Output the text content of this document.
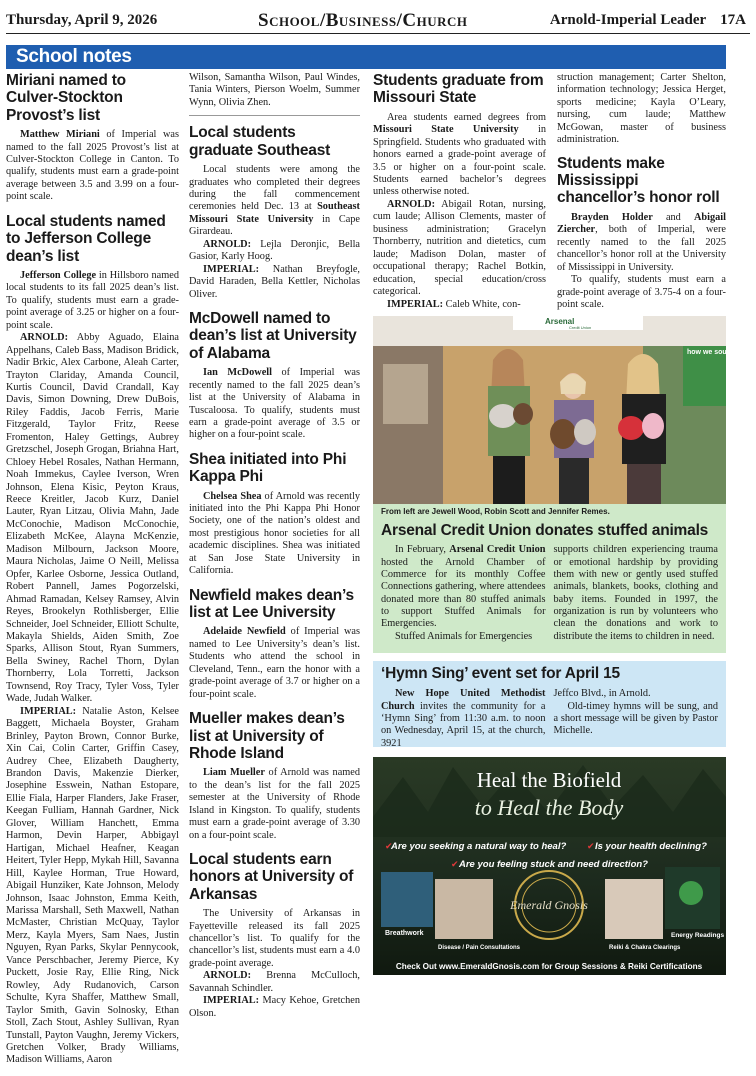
Thursday, April 9, 2026	School/Business/Church	Arnold-Imperial Leader 17A
School notes
Miriani named to Culver-Stockton Provost’s list

Matthew Miriani of Imperial was named to the fall 2025 Provost’s list at Culver-Stockton College in Canton. To qualify, students must earn a grade-point average between 3.5 and 3.99 on a four-point scale.

Local students named to Jefferson College dean’s list

Jefferson College in Hillsboro named local students to its fall 2025 dean’s list. To qualify, students must earn a grade-point average of 3.25 or higher on a four-point scale.

ARNOLD: Abby Aguado, Elaina Appelhans, Caleb Bass, Madison Bridick, Nadir Brkic, Alex Carbone, Aleah Carter, Trayton Clariday, Amanda Council, Kurtis Council, David Crandall, Kay Davis, Simon Downing, Drew DuBois, Riley Faddis, Jacob Ferris, Marie Fitzgerald, Taylor Fritz, Reese Fromenton, Haley Gettings, Aubrey Gretzschel, Joseph Grogan, Briahna Hart, Chloey Hebel Rosales, Nathan Hermann, Noah Immekus, Caylee Iverson, Wren Johnson, Elena Kisic, Peyton Kraus, Reece Kreitler, Jacob Kurz, Daniel Lauter, Ryan Litzau, Olivia Mahn, Jade McConochie, Madison McConochie, Elizabeth McKee, Alayna McKenzie, Madison Milbourn, Jackson Moore, Maura Nicholas, Jaime O Neill, Melissa Opfer, Karlee Osborne, Jessica Outland, Robert Pannell, James Pogorzelski, Ahmad Ramadan, Kelsey Ramsey, Alvin Reyes, Brookelyn Rothlisberger, Ellie Schneider, Joel Schneider, Elliott Schulte, Makayla Shields, Aiden Smith, Zoe Sparks, Allison Stout, Ryan Summers, Bella Swiney, Rachel Thorn, Dylan Thornberry, Lola Torretti, Jackson Townsend, Roy Tracy, Tyler Voss, Tyler Wade, Judah Walker.

IMPERIAL: Natalie Aston, Kelsee Baggett, Michaela Boyster, Graham Brinley, Payton Brown, Connor Burke, Xin Cai, Colin Carter, Griffin Casey, Audrey Chee, Elizabeth Daugherty, Brandon Davis, Makenzie Dierker, Josephine Esswein, Nathan Estopare, Ellie Fiala, Harper Flanders, Jake Fraser, Keegan Fulliam, Hannah Gardner, Nick Glover, William Hanchett, Emma Harmon, Devin Harper, Abbigayl Hartigan, Michael Heafner, Keagan Heitert, Tyler Hepp, Mykah Hill, Savanna Hill, Kaylee Horman, True Howard, Abigail Hunziker, Kate Johnson, Melody Johnson, Isaac Johnston, Emma Keith, Marissa Marshall, Seth Maxwell, Nathan McMaster, Christian McQuay, Taylor Merz, Kayla Myers, Sam Naes, Justin Nguyen, Ryan Parks, Skylar Pennycook, Vance Perschbacher, Jeremy Pierce, Ky Puckett, Josie Ray, Ellie Ring, Nick Rowley, Ady Rudanovich, Carson Schulte, Kyra Shaffer, Matthew Small, Taylor Smith, Gavin Solnosky, Ethan Stoll, Zach Stout, Ashley Sullivan, Ryan Tunstall, Payton Vaughn, Jeremy Vickers, Gretchen Volker, Brady Williams, Madison Williams, Aaron

Wilson, Samantha Wilson, Paul Windes, Tania Winters, Pierson Woelm, Summer Wynn, Olivia Zhen.

Local students graduate Southeast

Local students were among the graduates who completed their degrees during the fall commencement ceremonies held Dec. 13 at Southeast Missouri State University in Cape Girardeau.

ARNOLD: Lejla Deronjic, Bella Gasior, Karly Hoog.

IMPERIAL: Nathan Breyfogle, David Haraden, Bella Kettler, Nicholas Oliver.

McDowell named to dean’s list at University of Alabama

Ian McDowell of Imperial was recently named to the fall 2025 dean’s list at the University of Alabama in Tuscaloosa. To qualify, students must earn a grade-point average of 3.5 or higher on a four-point scale.

Shea initiated into Phi Kappa Phi

Chelsea Shea of Arnold was recently initiated into the Phi Kappa Phi Honor Society, one of the nation’s oldest and most prestigious honor societies for all academic disciplines. Shea was initiated at San Jose State University in California.

Newfield makes dean’s list at Lee University

Adelaide Newfield of Imperial was named to Lee University’s dean’s list. Students who attend the school in Cleveland, Tenn., earn the honor with a grade-point average of 3.7 or higher on a four-point scale.

Mueller makes dean’s list at University of Rhode Island

Liam Mueller of Arnold was named to the dean’s list for the fall 2025 semester at the University of Rhode Island in Kingston. To qualify, students must earn a grade-point average of 3.30 on a four-point scale.

Local students earn honors at University of Arkansas

The University of Arkansas in Fayetteville released its fall 2025 chancellor’s list. To qualify for the chancellor’s list, students must earn a 4.0 grade-point average.

ARNOLD: Brenna McCulloch, Savannah Schindler.

IMPERIAL: Macy Kehoe, Gretchen Olson.

Students graduate from Missouri State

Area students earned degrees from Missouri State University in Springfield. Students who graduated with honors earned a grade-point average of 3.5 or higher on a four-point scale. Students earned bachelor’s degrees unless otherwise noted.

ARNOLD: Abigail Rotan, nursing, cum laude; Allison Clements, master of business administration; Gracelyn Thornberry, nutrition and dietetics, cum laude; Madison Dolan, master of occupational therapy; Rachel Botkin, education, special education/cross categorical.

IMPERIAL: Caleb White, con-

struction management; Carter Shelton, information technology; Jessica Herget, sports medicine; Kayla O’Leary, nursing, cum laude; Matthew McGowan, master of business administration.

Students make Mississippi chancellor’s honor roll

Brayden Holder and Abigail Ziercher, both of Imperial, were recently named to the fall 2025 chancellor’s honor roll at the University of Mississippi in University.

To qualify, students must earn a grade-point average of 3.75-4 on a four-point scale.

Arsenal
Credit Union
how we sound
From left are Jewell Wood, Robin Scott and Jennifer Remes.
Arsenal Credit Union donates stuffed animals

In February, Arsenal Credit Union hosted the Arnold Chamber of Commerce for its monthly Coffee Connections gathering, where attendees donated more than 80 stuffed animals to support Stuffed Animals for Emergencies.

Stuffed Animals for Emergencies

supports children experiencing trauma or emotional hardship by providing them with new or gently used stuffed animals, blankets, books, clothing and baby items. Founded in 1997, the organization is run by volunteers who clean the donations and work to distribute the items to children in need.

‘Hymn Sing’ event set for April 15

New Hope United Methodist Church invites the community for a ‘Hymn Sing’ from 11:30 a.m. to noon on Wednesday, April 15, at the church, 3921

Jeffco Blvd., in Arnold.

Old-timey hymns will be sung, and a short message will be given by Pastor Michelle.

Heal the Biofield
to Heal the Body
Are you seeking a natural way to heal?	Is your health declining?
Are you feeling stuck and need direction?
✔	✔
✔
Emerald Gnosis
Breathwork
Disease / Pain Consultations	Reiki & Chakra Clearings
Energy Readings
Check Out www.EmeraldGnosis.com for Group Sessions & Reiki Certifications
